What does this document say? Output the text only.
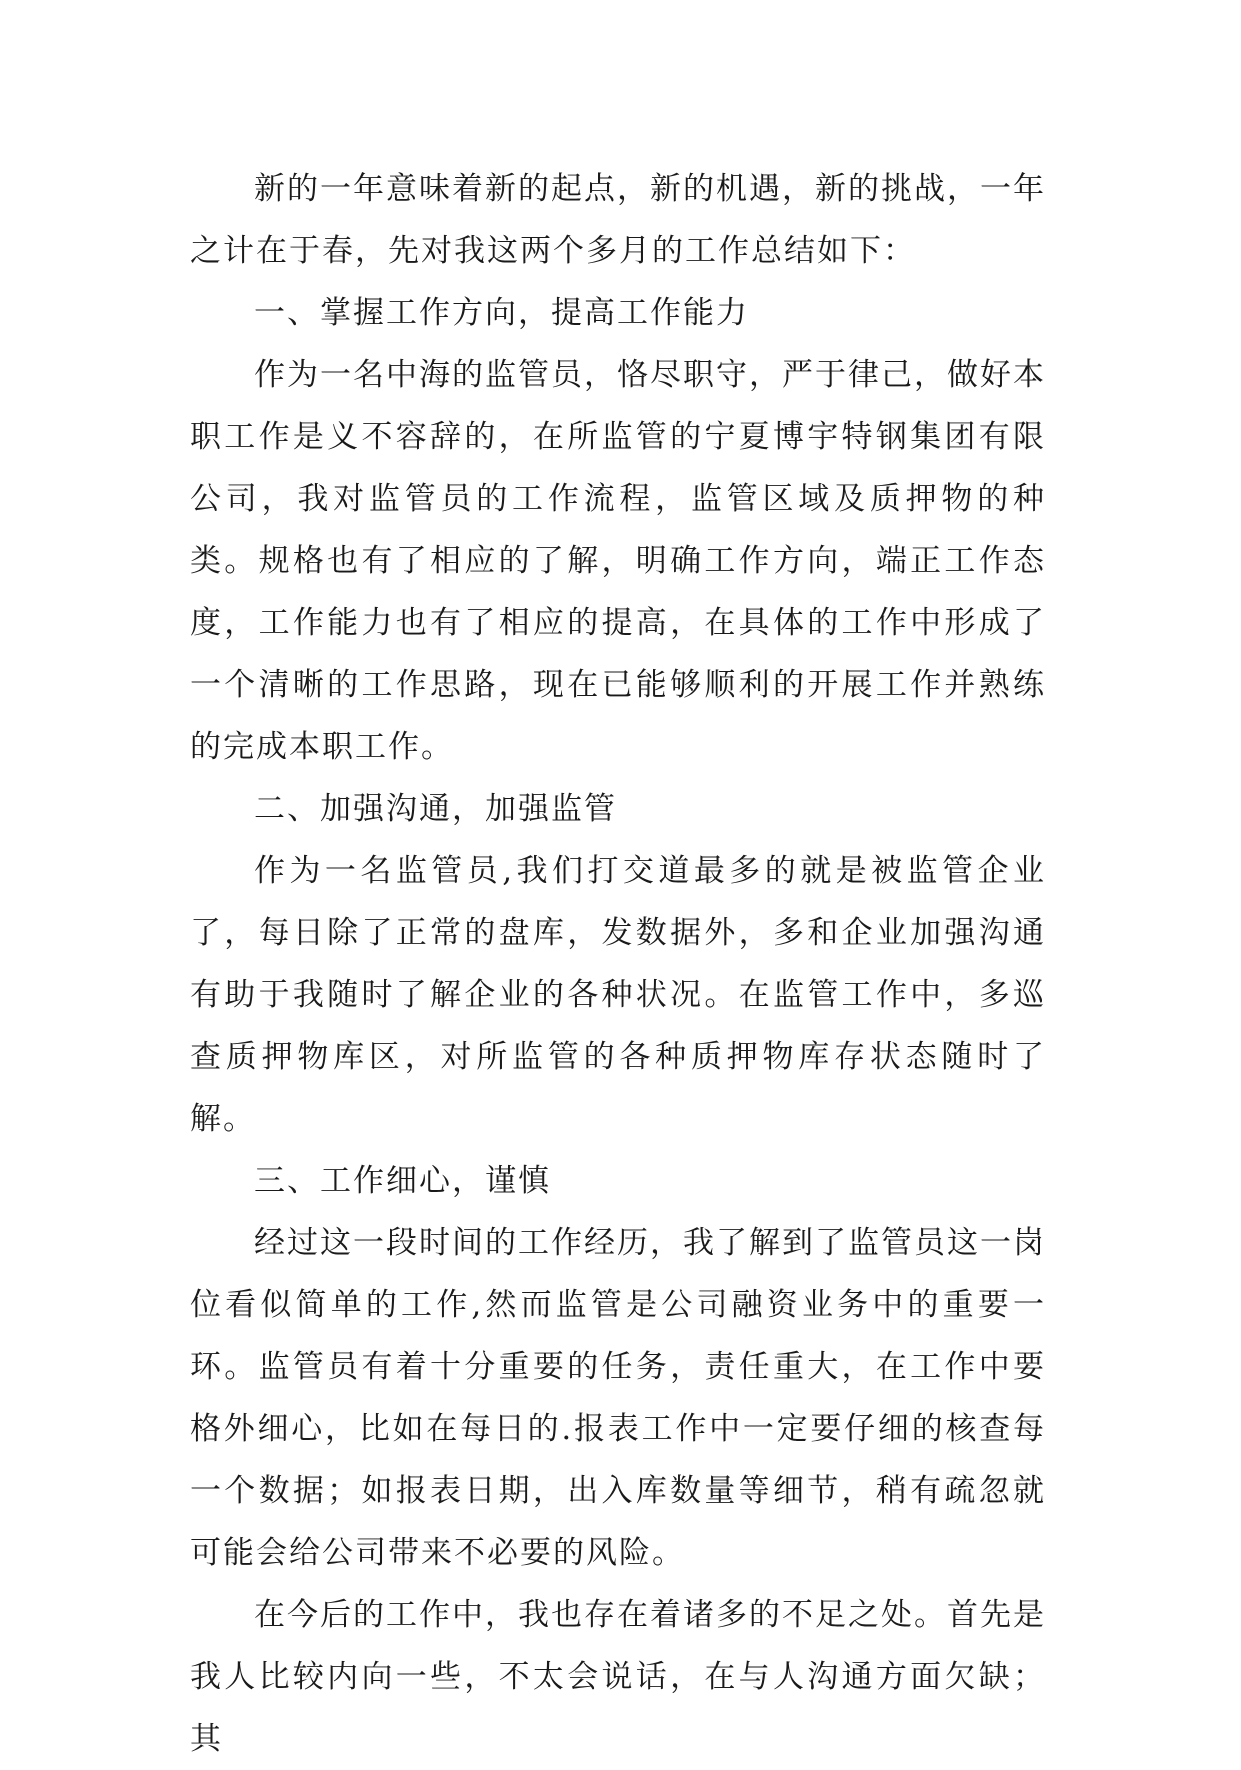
新的一年意味着新的起点，新的机遇，新的挑战，一年之计在于春，先对我这两个多月的工作总结如下：

一、掌握工作方向，提高工作能力

作为一名中海的监管员，恪尽职守，严于律己，做好本职工作是义不容辞的，在所监管的宁夏博宇特钢集团有限公司，我对监管员的工作流程，监管区域及质押物的种类。规格也有了相应的了解，明确工作方向，端正工作态度，工作能力也有了相应的提高，在具体的工作中形成了一个清晰的工作思路，现在已能够顺利的开展工作并熟练的完成本职工作。

二、加强沟通，加强监管

作为一名监管员,我们打交道最多的就是被监管企业了，每日除了正常的盘库，发数据外，多和企业加强沟通有助于我随时了解企业的各种状况。在监管工作中，多巡查质押物库区，对所监管的各种质押物库存状态随时了解。

三、工作细心，谨慎

经过这一段时间的工作经历，我了解到了监管员这一岗位看似简单的工作,然而监管是公司融资业务中的重要一环。监管员有着十分重要的任务，责任重大，在工作中要格外细心，比如在每日的.报表工作中一定要仔细的核查每一个数据；如报表日期，出入库数量等细节，稍有疏忽就可能会给公司带来不必要的风险。

在今后的工作中，我也存在着诸多的不足之处。首先是我人比较内向一些，不太会说话，在与人沟通方面欠缺；其
